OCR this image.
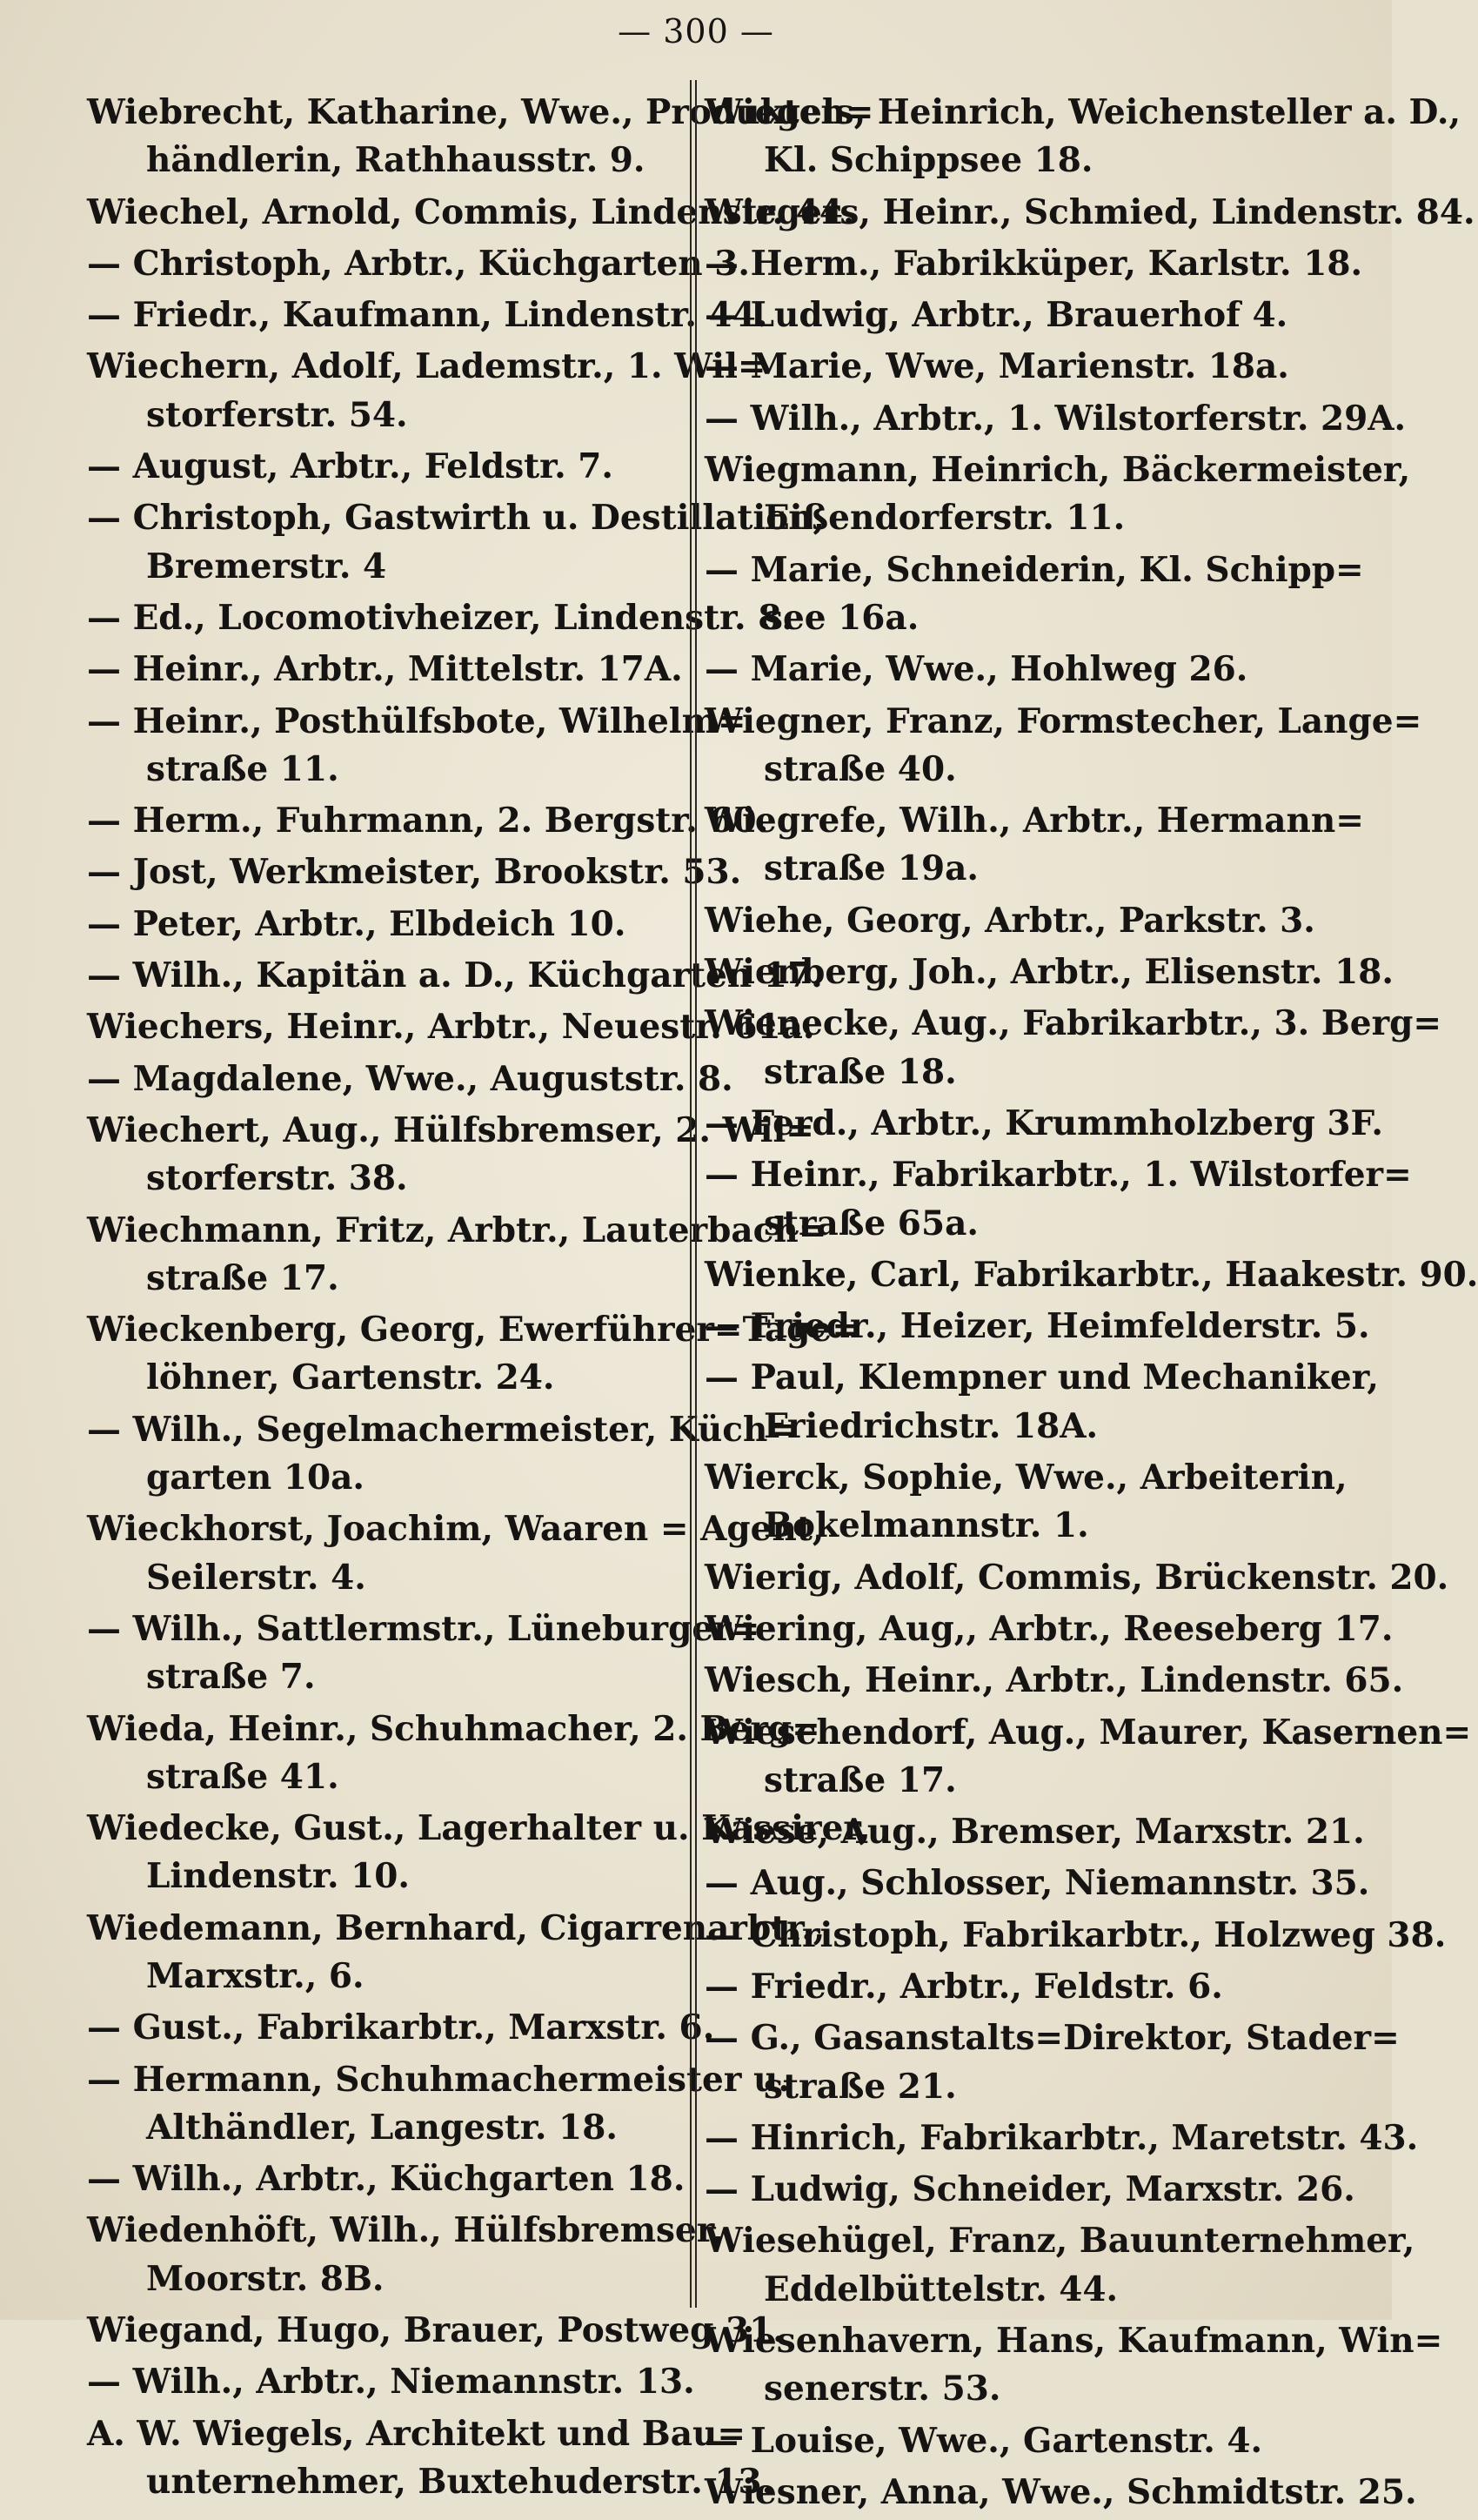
— 300 —
Wiebrecht, Katharine, Wwe., Produkten=
händlerin, Rathhausstr. 9.
Wiechel, Arnold, Commis, Lindenstr. 44.
— Christoph, Arbtr., Küchgarten 3.
— Friedr., Kaufmann, Lindenstr. 44.
Wiechern, Adolf, Lademstr., 1. Wil=
storferstr. 54.
— August, Arbtr., Feldstr. 7.
— Christoph, Gastwirth u. Destillation,
Bremerstr. 4
— Ed., Locomotivheizer, Lindenstr. 8.
— Heinr., Arbtr., Mittelstr. 17A.
— Heinr., Posthülfsbote, Wilhelm=
straße 11.
— Herm., Fuhrmann, 2. Bergstr. 60.
— Jost, Werkmeister, Brookstr. 53.
— Peter, Arbtr., Elbdeich 10.
— Wilh., Kapitän a. D., Küchgarten 17.
Wiechers, Heinr., Arbtr., Neuestr. 61a.
— Magdalene, Wwe., Auguststr. 8.
Wiechert, Aug., Hülfsbremser, 2. Wil=
storferstr. 38.
Wiechmann, Fritz, Arbtr., Lauterbach=
straße 17.
Wieckenberg, Georg, Ewerführer=Tage=
löhner, Gartenstr. 24.
— Wilh., Segelmachermeister, Küch=
garten 10a.
Wieckhorst, Joachim, Waaren = Agent,
Seilerstr. 4.
— Wilh., Sattlermstr., Lüneburger=
straße 7.
Wieda, Heinr., Schuhmacher, 2. Berg=
straße 41.
Wiedecke, Gust., Lagerhalter u. Kassirer,
Lindenstr. 10.
Wiedemann, Bernhard, Cigarrenarbtr.,
Marxstr., 6.
— Gust., Fabrikarbtr., Marxstr. 6.
— Hermann, Schuhmachermeister u.
Althändler, Langestr. 18.
— Wilh., Arbtr., Küchgarten 18.
Wiedenhöft, Wilh., Hülfsbremser,
Moorstr. 8B.
Wiegand, Hugo, Brauer, Postweg 31.
— Wilh., Arbtr., Niemannstr. 13.
A. W. Wiegels, Architekt und Bau=
unternehmer, Buxtehuderstr. 13.
Wiegels, Heinrich, Weichensteller a. D.,
Kl. Schippsee 18.
Wiegers, Heinr., Schmied, Lindenstr. 84.
— Herm., Fabrikküper, Karlstr. 18.
— Ludwig, Arbtr., Brauerhof 4.
— Marie, Wwe, Marienstr. 18a.
— Wilh., Arbtr., 1. Wilstorferstr. 29A.
Wiegmann, Heinrich, Bäckermeister,
Eißendorferstr. 11.
— Marie, Schneiderin, Kl. Schipp=
see 16a.
— Marie, Wwe., Hohlweg 26.
Wiegner, Franz, Formstecher, Lange=
straße 40.
Wiegrefe, Wilh., Arbtr., Hermann=
straße 19a.
Wiehe, Georg, Arbtr., Parkstr. 3.
Wienberg, Joh., Arbtr., Elisenstr. 18.
Wienecke, Aug., Fabrikarbtr., 3. Berg=
straße 18.
— Ferd., Arbtr., Krummholzberg 3F.
— Heinr., Fabrikarbtr., 1. Wilstorfer=
straße 65a.
Wienke, Carl, Fabrikarbtr., Haakestr. 90.
— Friedr., Heizer, Heimfelderstr. 5.
— Paul, Klempner und Mechaniker,
Friedrichstr. 18A.
Wierck, Sophie, Wwe., Arbeiterin,
Bokelmannstr. 1.
Wierig, Adolf, Commis, Brückenstr. 20.
Wiering, Aug,, Arbtr., Reeseberg 17.
Wiesch, Heinr., Arbtr., Lindenstr. 65.
Wieschendorf, Aug., Maurer, Kasernen=
straße 17.
Wiese, Aug., Bremser, Marxstr. 21.
— Aug., Schlosser, Niemannstr. 35.
— Christoph, Fabrikarbtr., Holzweg 38.
— Friedr., Arbtr., Feldstr. 6.
— G., Gasanstalts=Direktor, Stader=
straße 21.
— Hinrich, Fabrikarbtr., Maretstr. 43.
— Ludwig, Schneider, Marxstr. 26.
Wiesehügel, Franz, Bauunternehmer,
Eddelbüttelstr. 44.
Wiesenhavern, Hans, Kaufmann, Win=
senerstr. 53.
— Louise, Wwe., Gartenstr. 4.
Wiesner, Anna, Wwe., Schmidtstr. 25.
